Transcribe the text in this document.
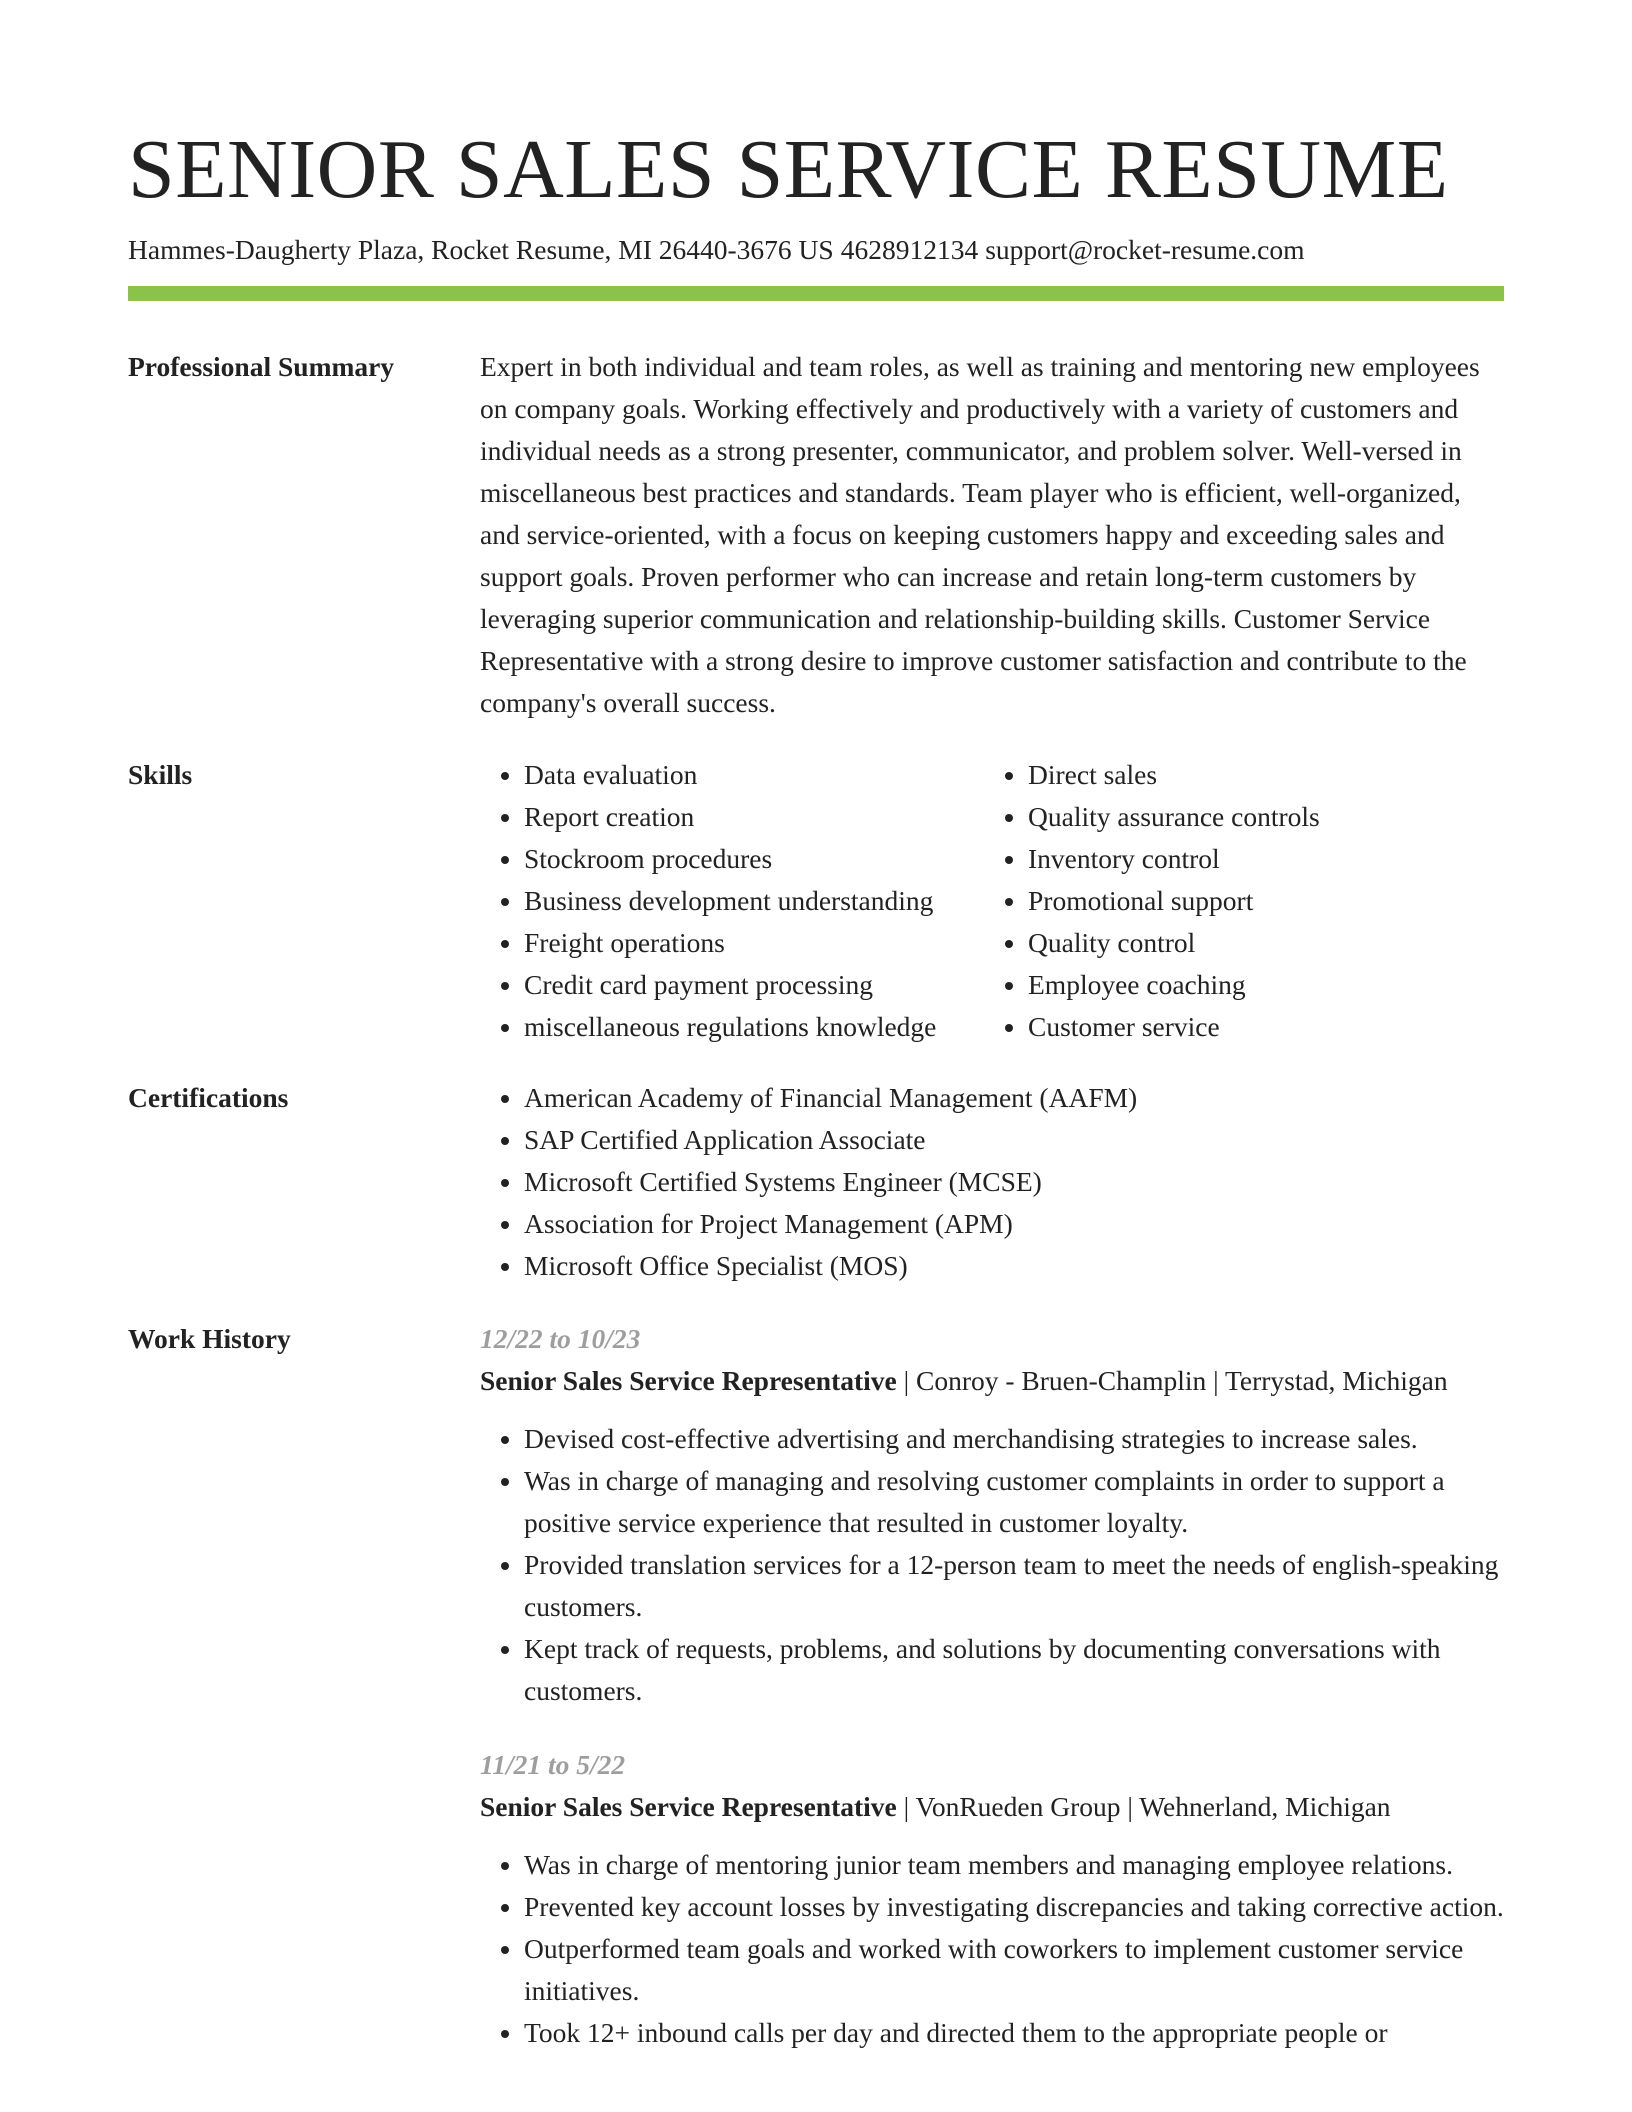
SENIOR SALES SERVICE RESUME
Hammes-Daugherty Plaza, Rocket Resume, MI 26440-3676 US 4628912134 support@rocket-resume.com
Professional Summary	Expert in both individual and team roles, as well as training and mentoring new employees on company goals. Working effectively and productively with a variety of customers and individual needs as a strong presenter, communicator, and problem solver. Well-versed in miscellaneous best practices and standards. Team player who is efficient, well-organized, and service-oriented, with a focus on keeping customers happy and exceeding sales and support goals. Proven performer who can increase and retain long-term customers by leveraging superior communication and relationship-building skills. Customer Service Representative with a strong desire to improve customer satisfaction and contribute to the company's overall success.

Skills	• Data evaluation
• Report creation
• Stockroom procedures
• Business development understanding
• Freight operations
• Credit card payment processing
• miscellaneous regulations knowledge
• Direct sales
• Quality assurance controls
• Inventory control
• Promotional support
• Quality control
• Employee coaching
• Customer service
Certifications	• American Academy of Financial Management (AAFM)
• SAP Certified Application Associate
• Microsoft Certified Systems Engineer (MCSE)
• Association for Project Management (APM)
• Microsoft Office Specialist (MOS)
Work History	12/22 to 10/23
Senior Sales Service Representative | Conroy - Bruen-Champlin | Terrystad, Michigan
• Devised cost-effective advertising and merchandising strategies to increase sales.
• Was in charge of managing and resolving customer complaints in order to support a positive service experience that resulted in customer loyalty.
• Provided translation services for a 12-person team to meet the needs of english-speaking customers.
• Kept track of requests, problems, and solutions by documenting conversations with customers.
11/21 to 5/22
Senior Sales Service Representative | VonRueden Group | Wehnerland, Michigan
• Was in charge of mentoring junior team members and managing employee relations.
• Prevented key account losses by investigating discrepancies and taking corrective action.
• Outperformed team goals and worked with coworkers to implement customer service initiatives.
• Took 12+ inbound calls per day and directed them to the appropriate people or
